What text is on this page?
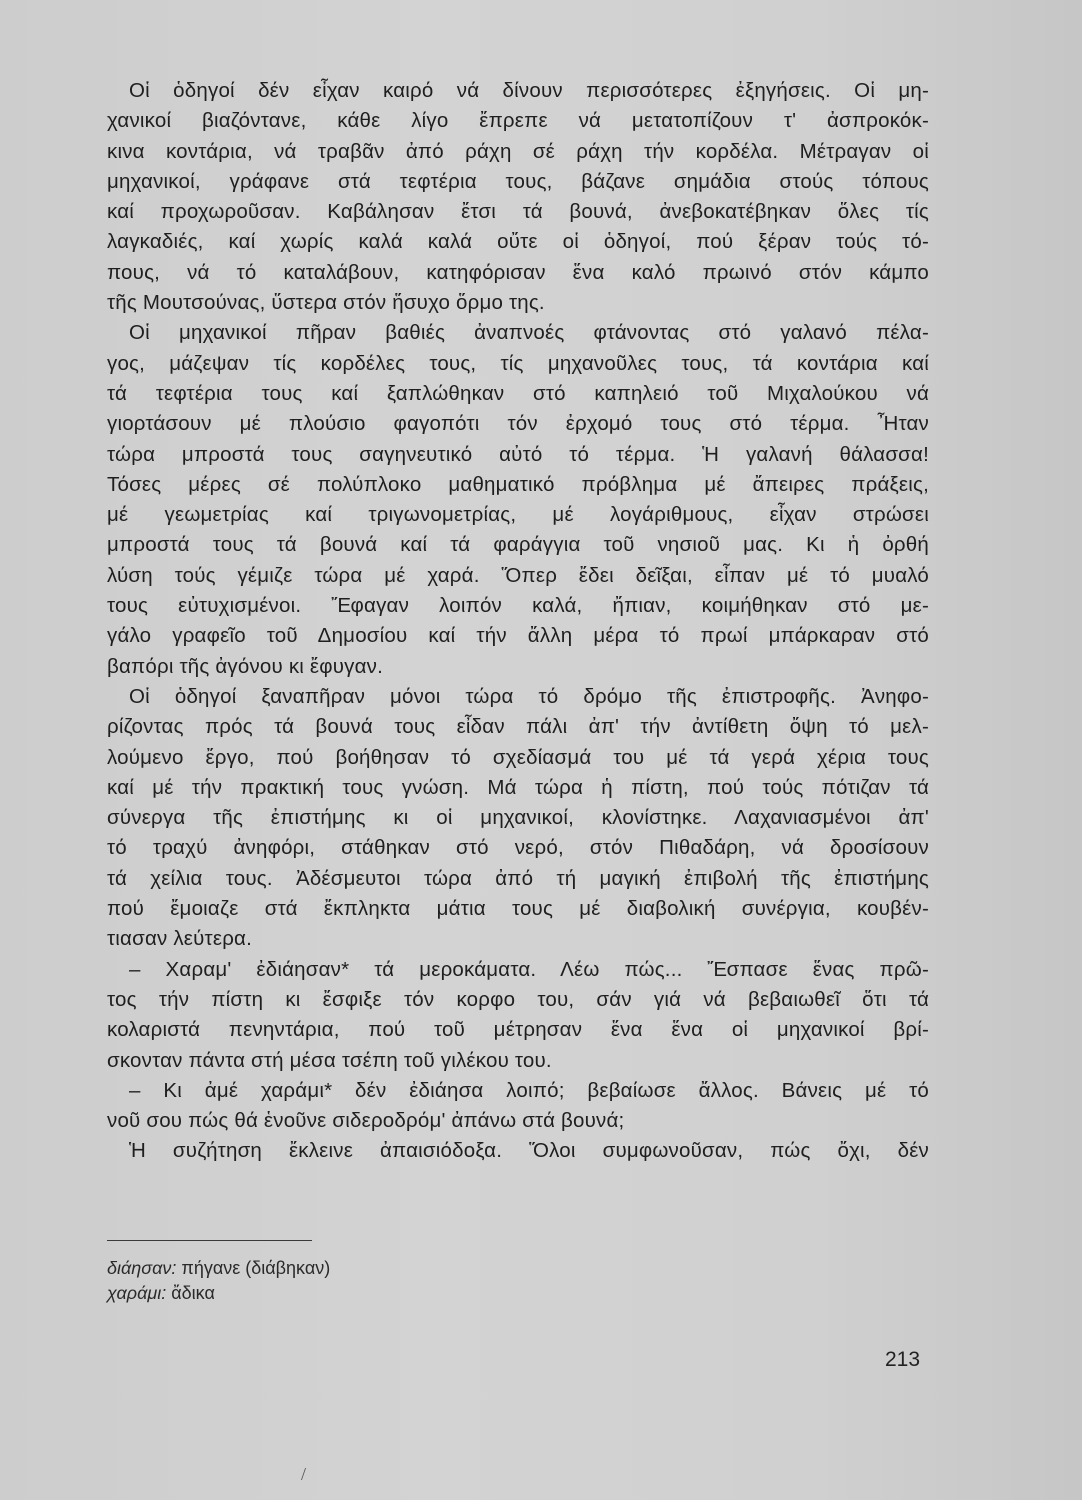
Οἱ ὁδηγοί δέν εἶχαν καιρό νά δίνουν περισσότερες ἐξηγήσεις. Οἱ μη-
χανικοί βιαζόντανε, κάθε λίγο ἔπρεπε νά μετατοπίζουν τ' ἀσπροκόκ-
κινα κοντάρια, νά τραβᾶν ἀπό ράχη σέ ράχη τήν κορδέλα. Μέτραγαν οἱ
μηχανικοί, γράφανε στά τεφτέρια τους, βάζανε σημάδια στούς τόπους
καί προχωροῦσαν. Καβάλησαν ἔτσι τά βουνά, ἀνεβοκατέβηκαν ὅλες τίς
λαγκαδιές, καί χωρίς καλά καλά οὔτε οἱ ὁδηγοί, πού ξέραν τούς τό-
πους, νά τό καταλάβουν, κατηφόρισαν ἕνα καλό πρωινό στόν κάμπο
τῆς Μουτσούνας, ὕστερα στόν ἥσυχο ὅρμο της.
Οἱ μηχανικοί πῆραν βαθιές ἀναπνοές φτάνοντας στό γαλανό πέλα-
γος, μάζεψαν τίς κορδέλες τους, τίς μηχανοῦλες τους, τά κοντάρια καί
τά τεφτέρια τους καί ξαπλώθηκαν στό καπηλειό τοῦ Μιχαλούκου νά
γιορτάσουν μέ πλούσιο φαγοπότι τόν ἐρχομό τους στό τέρμα. Ἦταν
τώρα μπροστά τους σαγηνευτικό αὐτό τό τέρμα. Ἡ γαλανή θάλασσα!
Τόσες μέρες σέ πολύπλοκο μαθηματικό πρόβλημα μέ ἄπειρες πράξεις,
μέ γεωμετρίας καί τριγωνομετρίας, μέ λογάριθμους, εἶχαν στρώσει
μπροστά τους τά βουνά καί τά φαράγγια τοῦ νησιοῦ μας. Κι ἡ ὀρθή
λύση τούς γέμιζε τώρα μέ χαρά. Ὅπερ ἔδει δεῖξαι, εἶπαν μέ τό μυαλό
τους εὐτυχισμένοι. Ἔφαγαν λοιπόν καλά, ἤπιαν, κοιμήθηκαν στό με-
γάλο γραφεῖο τοῦ Δημοσίου καί τήν ἄλλη μέρα τό πρωί μπάρκαραν στό
βαπόρι τῆς ἀγόνου κι ἔφυγαν.
Οἱ ὁδηγοί ξαναπῆραν μόνοι τώρα τό δρόμο τῆς ἐπιστροφῆς. Ἀνηφο-
ρίζοντας πρός τά βουνά τους εἶδαν πάλι ἀπ' τήν ἀντίθετη ὄψη τό μελ-
λούμενο ἔργο, πού βοήθησαν τό σχεδίασμά του μέ τά γερά χέρια τους
καί μέ τήν πρακτική τους γνώση. Μά τώρα ἡ πίστη, πού τούς πότιζαν τά
σύνεργα τῆς ἐπιστήμης κι οἱ μηχανικοί, κλονίστηκε. Λαχανιασμένοι ἀπ'
τό τραχύ ἀνηφόρι, στάθηκαν στό νερό, στόν Πιθαδάρη, νά δροσίσουν
τά χείλια τους. Ἀδέσμευτοι τώρα ἀπό τή μαγική ἐπιβολή τῆς ἐπιστήμης
πού ἔμοιαζε στά ἔκπληκτα μάτια τους μέ διαβολική συνέργια, κουβέν-
τιασαν λεύτερα.
– Χαραμ' ἐδιάησαν* τά μεροκάματα. Λέω πώς... Ἔσπασε ἕνας πρῶ-
τος τήν πίστη κι ἔσφιξε τόν κορφο του, σάν γιά νά βεβαιωθεῖ ὅτι τά
κολαριστά πενηντάρια, πού τοῦ μέτρησαν ἕνα ἕνα οἱ μηχανικοί βρί-
σκονταν πάντα στή μέσα τσέπη τοῦ γιλέκου του.
– Κι ἀμέ χαράμι* δέν ἐδιάησα λοιπό; βεβαίωσε ἄλλος. Βάνεις μέ τό
νοῦ σου πώς θά ἑνοῦνε σιδεροδρόμ' ἀπάνω στά βουνά;
Ἡ συζήτηση ἔκλεινε ἀπαισιόδοξα. Ὅλοι συμφωνοῦσαν, πώς ὄχι, δέν
διάησαν: πήγανε (διάβηκαν)
χαράμι: ἄδικα
213
/
